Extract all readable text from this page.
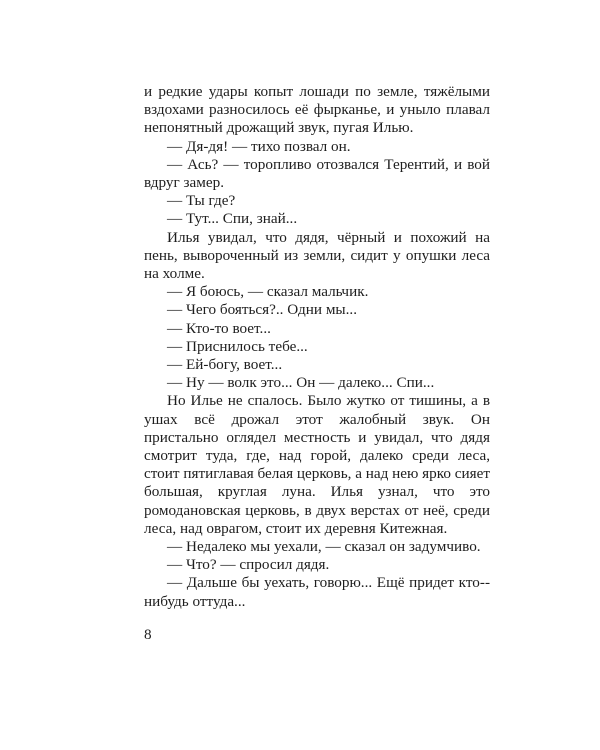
и редкие удары копыт лошади по земле, тяжёлыми вздохами разносилось её фырканье, и уныло плавал непонятный дрожащий звук, пугая Илью.

— Дя-дя! — тихо позвал он.

— Ась? — торопливо отозвался Терентий, и вой вдруг замер.

— Ты где?

— Тут... Спи, знай...

Илья увидал, что дядя, чёрный и похожий на пень, вывороченный из земли, сидит у опушки леса на холме.

— Я боюсь, — сказал мальчик.

— Чего бояться?.. Одни мы...

— Кто-то воет...

— Приснилось тебе...

— Ей-богу, воет...

— Ну — волк это... Он — далеко... Спи...

Но Илье не спалось. Было жутко от тишины, а в ушах всё дрожал этот жалобный звук. Он пристально оглядел местность и увидал, что дядя смотрит туда, где, над горой, далеко среди леса, стоит пятиглавая белая церковь, а над нею ярко сияет большая, круглая луна. Илья узнал, что это ромодановская церковь, в двух верстах от неё, среди леса, над оврагом, стоит их деревня Китежная.

— Недалеко мы уехали, — сказал он задумчиво.

— Что? — спросил дядя.

— Дальше бы уехать, говорю... Ещё придет кто-нибудь оттуда...

8
